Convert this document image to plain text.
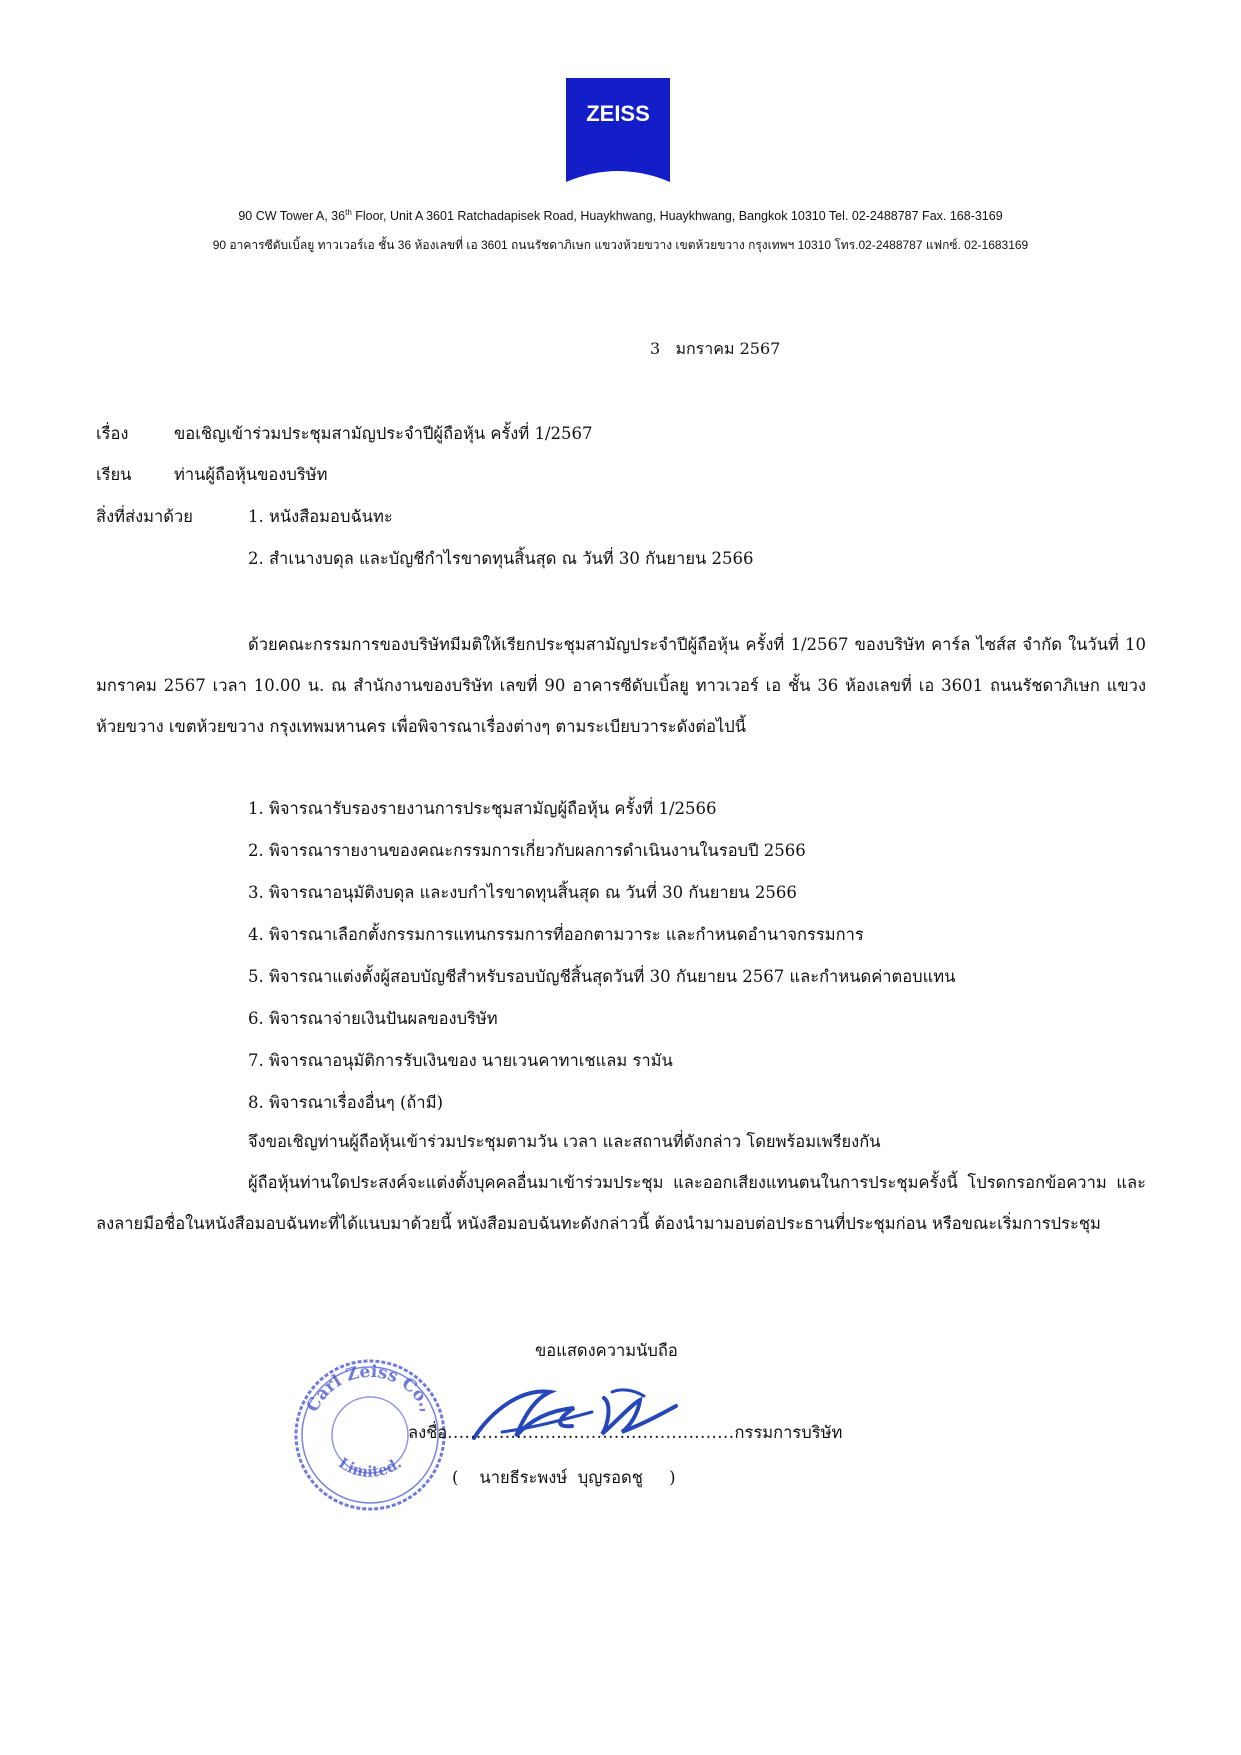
ZEISS
90 CW Tower A, 36th Floor, Unit A 3601 Ratchadapisek Road, Huaykhwang, Huaykhwang, Bangkok 10310 Tel. 02-2488787 Fax. 168-3169
90 อาคารซีดับเบิ้ลยู ทาวเวอร์เอ ชั้น 36 ห้องเลขที่ เอ 3601 ถนนรัชดาภิเษก แขวงห้วยขวาง เขตห้วยขวาง กรุงเทพฯ 10310 โทร.02-2488787 แฟกซ์. 02-1683169
3   มกราคม 2567
เรื่อง	ขอเชิญเข้าร่วมประชุมสามัญประจำปีผู้ถือหุ้น ครั้งที่ 1/2567
เรียน	ท่านผู้ถือหุ้นของบริษัท
สิ่งที่ส่งมาด้วย	1. หนังสือมอบฉันทะ
2. สำเนางบดุล และบัญชีกำไรขาดทุนสิ้นสุด ณ วันที่ 30 กันยายน 2566
ด้วยคณะกรรมการของบริษัทมีมติให้เรียกประชุมสามัญประจำปีผู้ถือหุ้น ครั้งที่ 1/2567 ของบริษัท คาร์ล ไซส์ส จำกัด ในวันที่ 10 มกราคม 2567 เวลา 10.00 น. ณ สำนักงานของบริษัท เลขที่ 90 อาคารซีดับเบิ้ลยู ทาวเวอร์ เอ ชั้น 36 ห้องเลขที่ เอ 3601 ถนนรัชดาภิเษก แขวงห้วยขวาง เขตห้วยขวาง กรุงเทพมหานคร เพื่อพิจารณาเรื่องต่างๆ ตามระเบียบวาระดังต่อไปนี้
1. พิจารณารับรองรายงานการประชุมสามัญผู้ถือหุ้น ครั้งที่ 1/2566
2. พิจารณารายงานของคณะกรรมการเกี่ยวกับผลการดำเนินงานในรอบปี 2566
3. พิจารณาอนุมัติงบดุล และงบกำไรขาดทุนสิ้นสุด ณ วันที่ 30 กันยายน 2566
4. พิจารณาเลือกตั้งกรรมการแทนกรรมการที่ออกตามวาระ และกำหนดอำนาจกรรมการ
5. พิจารณาแต่งตั้งผู้สอบบัญชีสำหรับรอบบัญชีสิ้นสุดวันที่ 30 กันยายน 2567 และกำหนดค่าตอบแทน
6. พิจารณาจ่ายเงินปันผลของบริษัท
7. พิจารณาอนุมัติการรับเงินของ นายเวนคาทาเชแลม รามัน
8. พิจารณาเรื่องอื่นๆ (ถ้ามี)
จึงขอเชิญท่านผู้ถือหุ้นเข้าร่วมประชุมตามวัน เวลา และสถานที่ดังกล่าว โดยพร้อมเพรียงกัน
ผู้ถือหุ้นท่านใดประสงค์จะแต่งตั้งบุคคลอื่นมาเข้าร่วมประชุม และออกเสียงแทนตนในการประชุมครั้งนี้ โปรดกรอกข้อความ และลงลายมือชื่อในหนังสือมอบฉันทะที่ได้แนบมาด้วยนี้ หนังสือมอบฉันทะดังกล่าวนี้ ต้องนำมามอบต่อประธานที่ประชุมก่อน หรือขณะเริ่มการประชุม
ขอแสดงความนับถือ
Carl Zeiss Co.,
Limited.
ลงชื่อ..................................................กรรมการบริษัท
(    นายธีระพงษ์  บุญรอดชู     )
